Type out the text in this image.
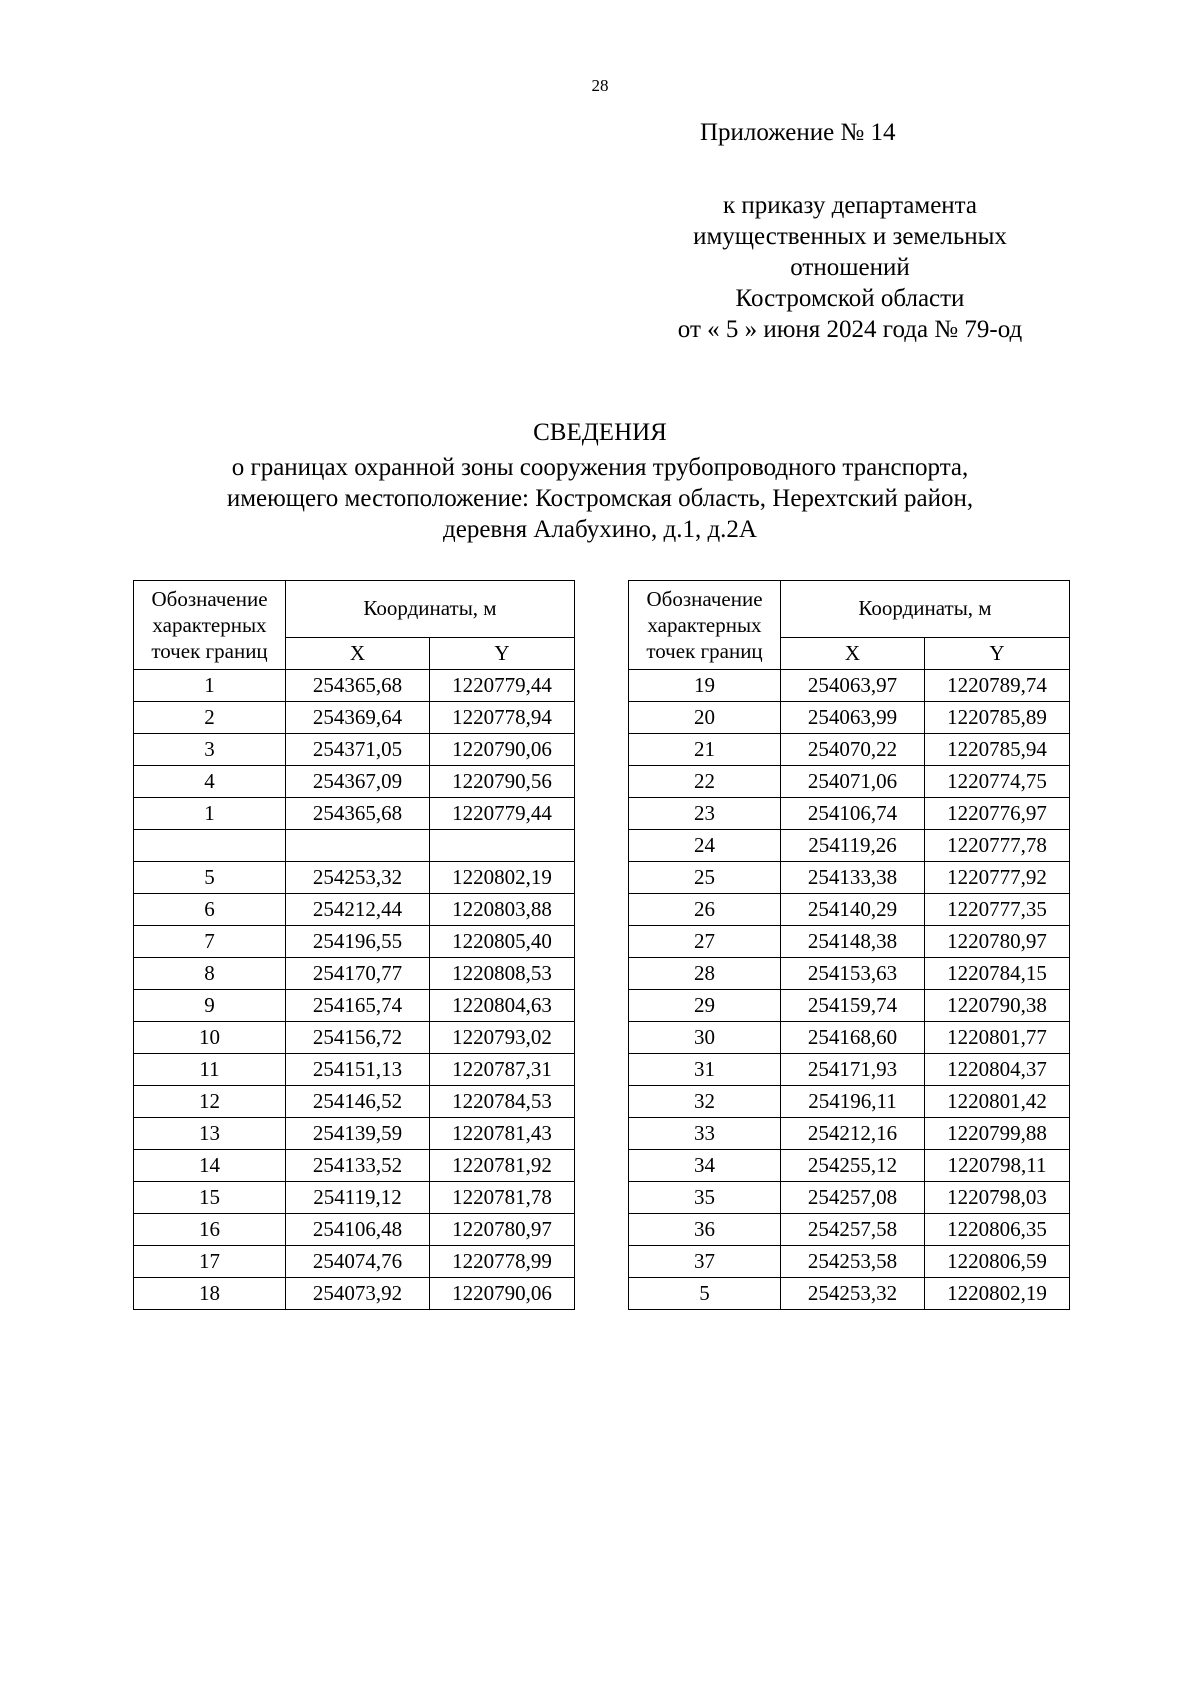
28
Приложение № 14
к приказу департамента
имущественных и земельных
отношений
Костромской области
от « 5 » июня 2024 года № 79-од
СВЕДЕНИЯ
о границах охранной зоны сооружения трубопроводного транспорта,
имеющего местоположение: Костромская область, Нерехтский район,
деревня Алабухино, д.1, д.2А
Обозначение характерных точек границ	Координаты, м	
	X	Y
1	254365,68	1220779,44
2	254369,64	1220778,94
3	254371,05	1220790,06
4	254367,09	1220790,56
1	254365,68	1220779,44

5	254253,32	1220802,19
6	254212,44	1220803,88
7	254196,55	1220805,40
8	254170,77	1220808,53
9	254165,74	1220804,63
10	254156,72	1220793,02
11	254151,13	1220787,31
12	254146,52	1220784,53
13	254139,59	1220781,43
14	254133,52	1220781,92
15	254119,12	1220781,78
16	254106,48	1220780,97
17	254074,76	1220778,99
18	254073,92	1220790,06
Обозначение характерных точек границ	Координаты, м	
	X	Y
19	254063,97	1220789,74
20	254063,99	1220785,89
21	254070,22	1220785,94
22	254071,06	1220774,75
23	254106,74	1220776,97
24	254119,26	1220777,78
25	254133,38	1220777,92
26	254140,29	1220777,35
27	254148,38	1220780,97
28	254153,63	1220784,15
29	254159,74	1220790,38
30	254168,60	1220801,77
31	254171,93	1220804,37
32	254196,11	1220801,42
33	254212,16	1220799,88
34	254255,12	1220798,11
35	254257,08	1220798,03
36	254257,58	1220806,35
37	254253,58	1220806,59
5	254253,32	1220802,19
